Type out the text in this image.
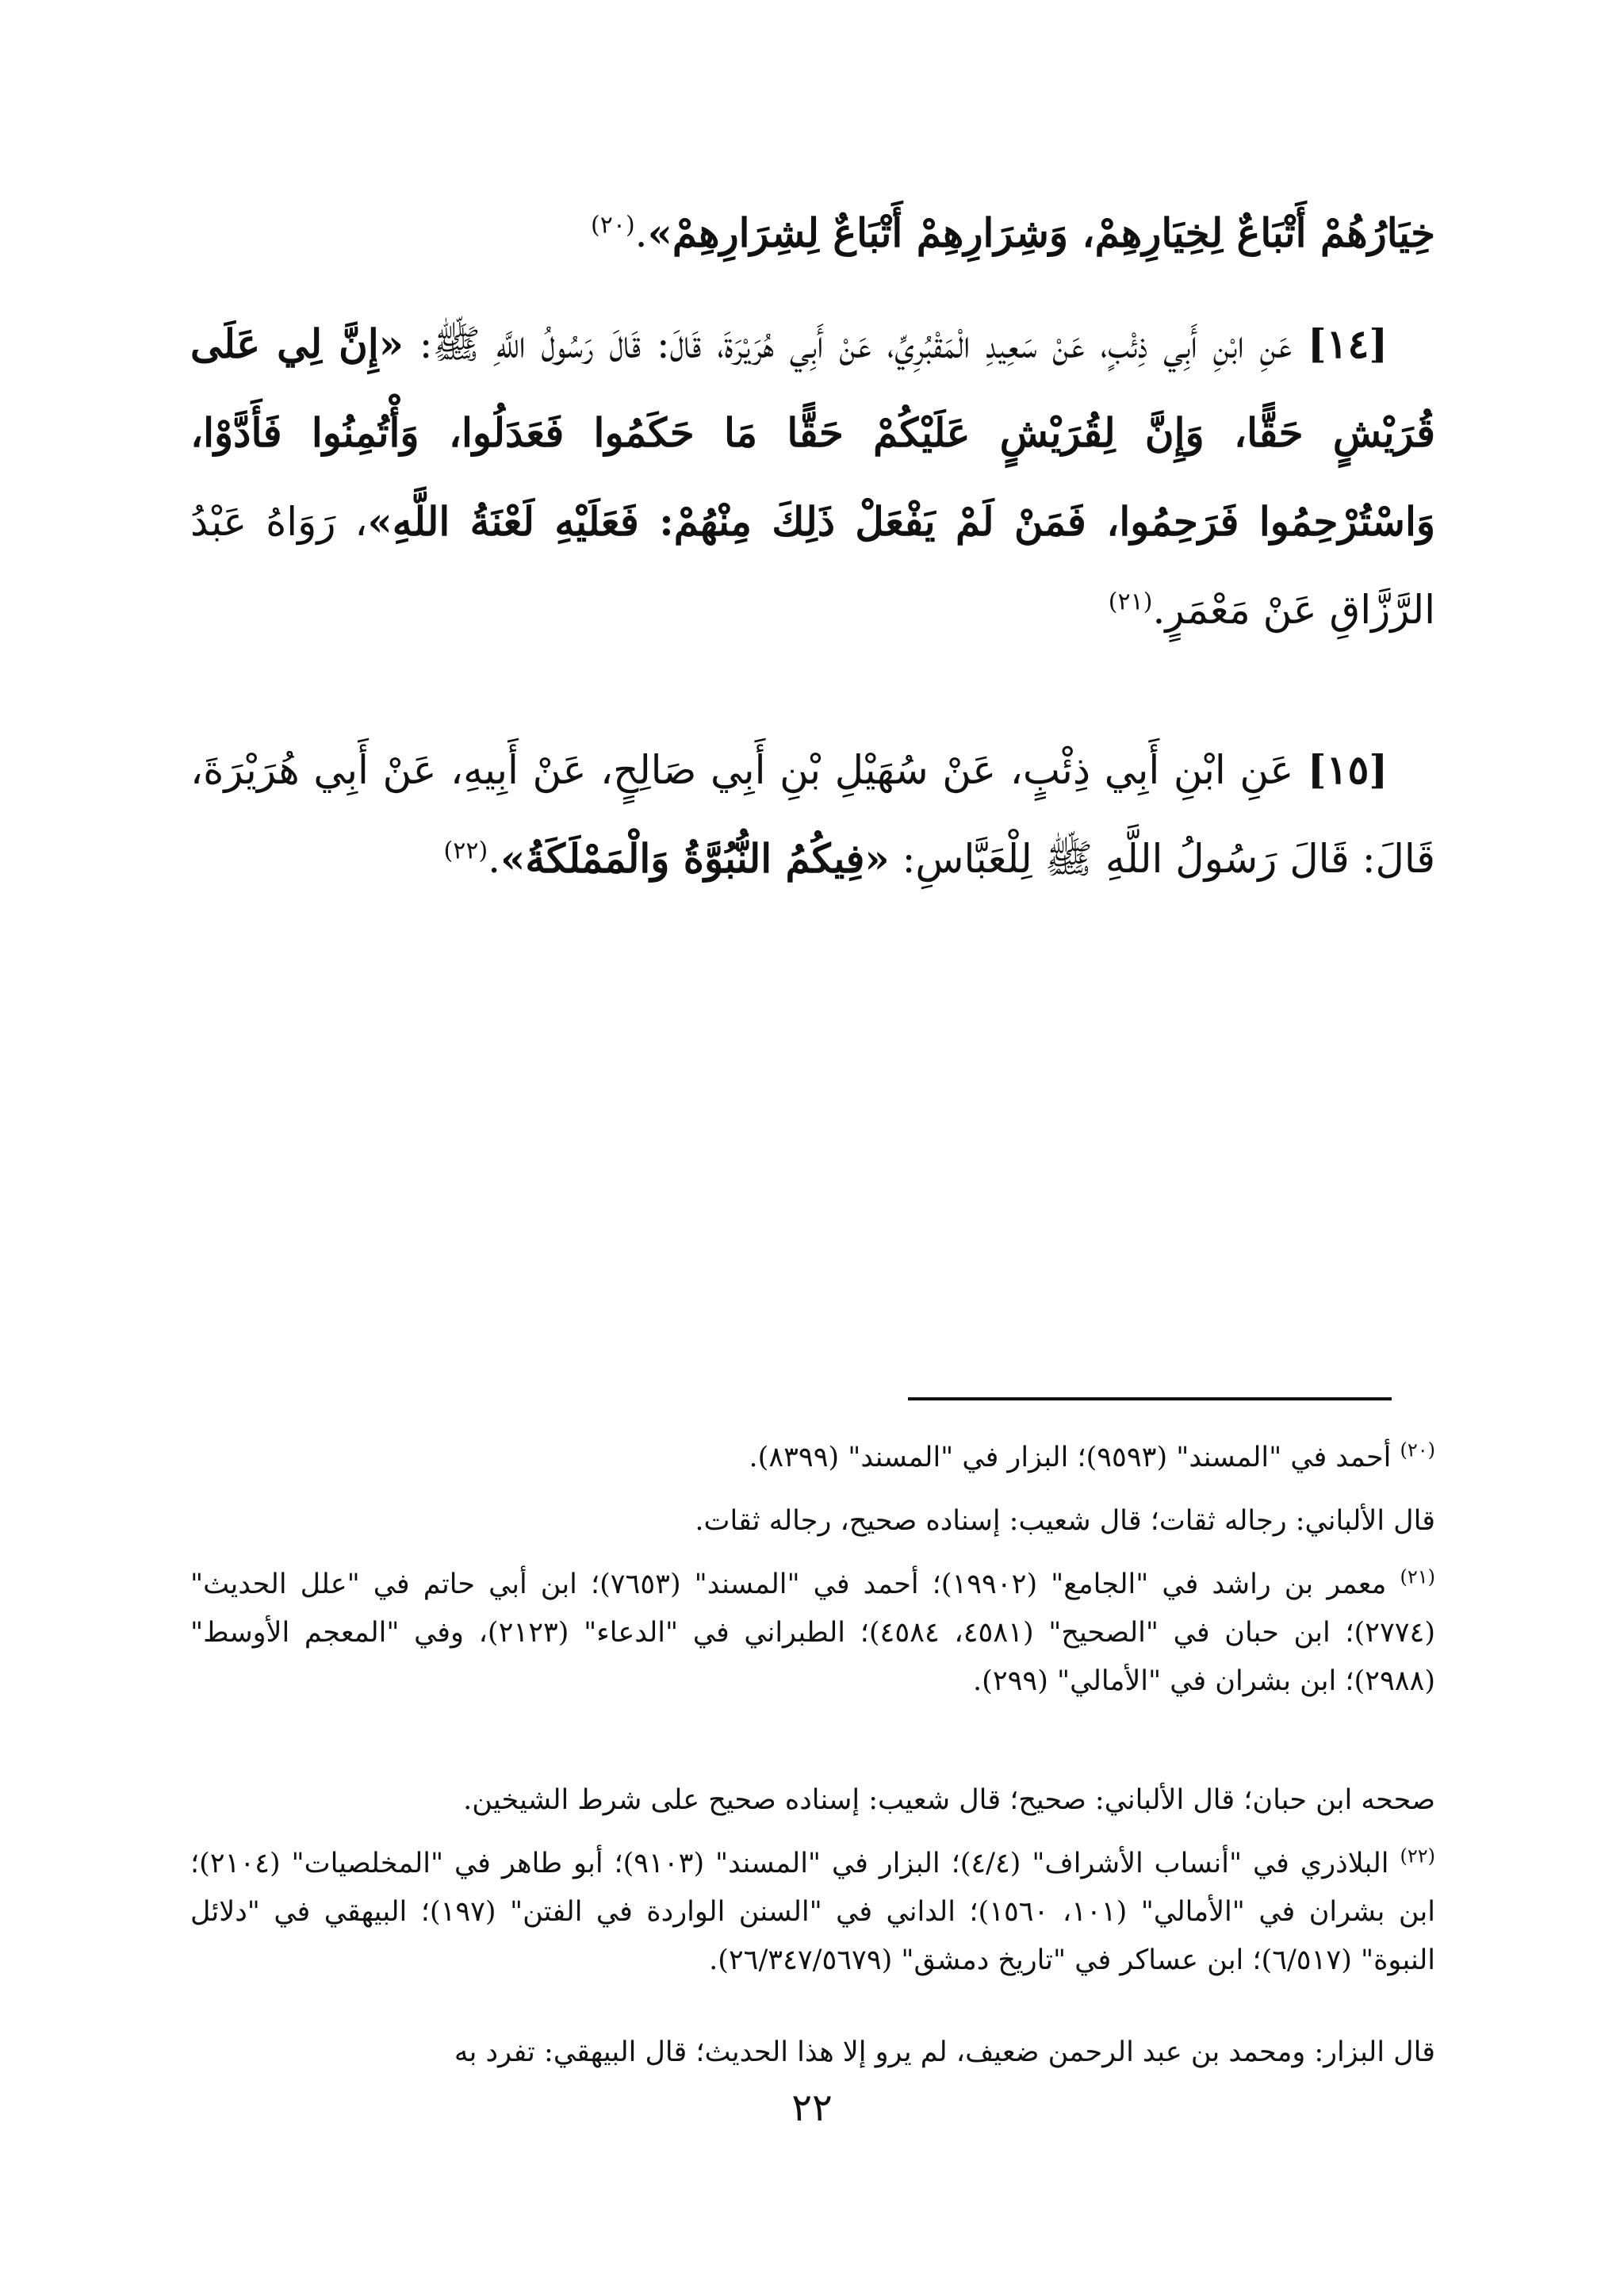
خِيَارُهُمْ أَتْبَاعٌ لِخِيَارِهِمْ، وَشِرَارِهِمْ أَتْبَاعٌ لِشِرَارِهِمْ».$^{(٢٠)}$
[١٤] عَنِ ابْنِ أَبِي ذِئْبٍ، عَنْ سَعِيدِ الْمَقْبُرِيِّ، عَنْ أَبِي هُرَيْرَةَ، قَالَ: قَالَ رَسُولُ اللَّهِ ﷺ: «إِنَّ لِي عَلَى قُرَيْشٍ حَقًّا، وَإِنَّ لِقُرَيْشٍ عَلَيْكُمْ حَقًّا مَا حَكَمُوا فَعَدَلُوا، وَأْتُمِنُوا فَأَدَّوْا، وَاسْتُرْحِمُوا فَرَحِمُوا، فَمَنْ لَمْ يَفْعَلْ ذَلِكَ مِنْهُمْ: فَعَلَيْهِ لَعْنَةُ اللَّهِ»، رَوَاهُ عَبْدُ الرَّزَّاقِ عَنْ مَعْمَرٍ.$^{(٢١)}$
[١٥] عَنِ ابْنِ أَبِي ذِئْبٍ، عَنْ سُهَيْلِ بْنِ أَبِي صَالِحٍ، عَنْ أَبِيهِ، عَنْ أَبِي هُرَيْرَةَ، قَالَ: قَالَ رَسُولُ اللَّهِ ﷺ لِلْعَبَّاسِ: «فِيكُمُ النُّبُوَّةُ وَالْمَمْلَكَةُ».$^{(٢٢)}$
$^{(٢٠)}$ أحمد في "المسند" (٩٥٩٣)؛ البزار في "المسند" (٨٣٩٩).
قال الألباني: رجاله ثقات؛ قال شعيب: إسناده صحيح، رجاله ثقات.
$^{(٢١)}$ معمر بن راشد في "الجامع" (١٩٩٠٢)؛ أحمد في "المسند" (٧٦٥٣)؛ ابن أبي حاتم في "علل الحديث" (٢٧٧٤)؛ ابن حبان في "الصحيح" (٤٥٨١، ٤٥٨٤)؛ الطبراني في "الدعاء" (٢١٢٣)، وفي "المعجم الأوسط" (٢٩٨٨)؛ ابن بشران في "الأمالي" (٢٩٩).
صححه ابن حبان؛ قال الألباني: صحيح؛ قال شعيب: إسناده صحيح على شرط الشيخين.
$^{(٢٢)}$ البلاذري في "أنساب الأشراف" (٤/٤)؛ البزار في "المسند" (٩١٠٣)؛ أبو طاهر في "المخلصيات" (٢١٠٤)؛ ابن بشران في "الأمالي" (١٠١، ١٥٦٠)؛ الداني في "السنن الواردة في الفتن" (١٩٧)؛ البيهقي في "دلائل النبوة" (٦/٥١٧)؛ ابن عساكر في "تاريخ دمشق" (٢٦/٣٤٧/٥٦٧٩).
قال البزار: ومحمد بن عبد الرحمن ضعيف، لم يرو إلا هذا الحديث؛ قال البيهقي: تفرد به
٢٢
